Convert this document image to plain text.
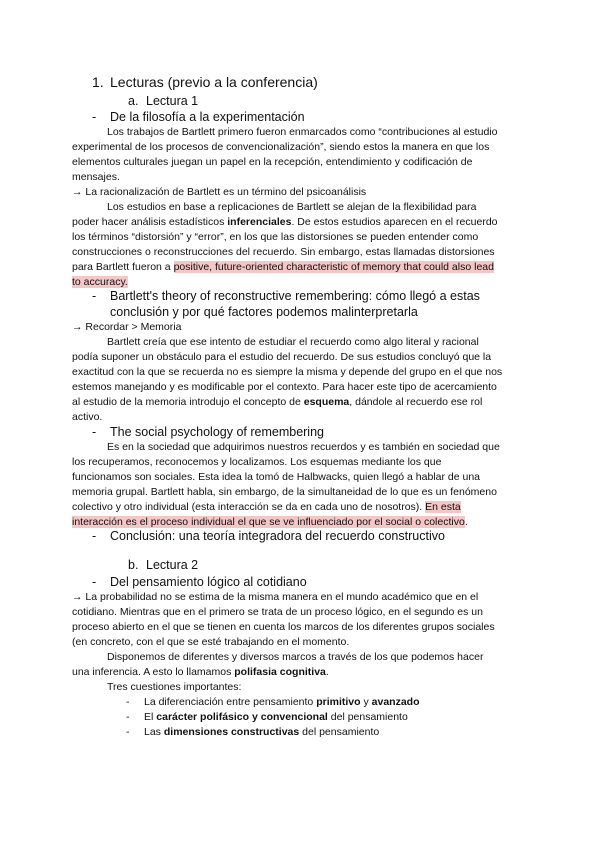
1. Lecturas (previo a la conferencia)
a. Lectura 1
- De la filosofía a la experimentación
Los trabajos de Bartlett primero fueron enmarcados como “contribuciones al estudio
experimental de los procesos de convencionalización”, siendo estos la manera en que los
elementos culturales juegan un papel en la recepción, entendimiento y codificación de
mensajes.
→ La racionalización de Bartlett es un término del psicoanálisis
Los estudios en base a replicaciones de Bartlett se alejan de la flexibilidad para
poder hacer análisis estadísticos inferenciales. De estos estudios aparecen en el recuerdo
los términos “distorsión” y “error”, en los que las distorsiones se pueden entender como
construcciones o reconstrucciones del recuerdo. Sin embargo, estas llamadas distorsiones
para Bartlett fueron a positive, future-oriented characteristic of memory that could also lead
to accuracy.
- Bartlett's theory of reconstructive remembering: cómo llegó a estas
conclusión y por qué factores podemos malinterpretarla
→ Recordar > Memoria
Bartlett creía que ese intento de estudiar el recuerdo como algo literal y racional
podía suponer un obstáculo para el estudio del recuerdo. De sus estudios concluyó que la
exactitud con la que se recuerda no es siempre la misma y depende del grupo en el que nos
estemos manejando y es modificable por el contexto. Para hacer este tipo de acercamiento
al estudio de la memoria introdujo el concepto de esquema, dándole al recuerdo ese rol
activo.
- The social psychology of remembering
Es en la sociedad que adquirimos nuestros recuerdos y es también en sociedad que
los recuperamos, reconocemos y localizamos. Los esquemas mediante los que
funcionamos son sociales. Esta idea la tomó de Halbwacks, quien llegó a hablar de una
memoria grupal. Bartlett habla, sin embargo, de la simultaneidad de lo que es un fenómeno
colectivo y otro individual (esta interacción se da en cada uno de nosotros). En esta
interacción es el proceso individual el que se ve influenciado por el social o colectivo.
- Conclusión: una teoría integradora del recuerdo constructivo
b. Lectura 2
- Del pensamiento lógico al cotidiano
→ La probabilidad no se estima de la misma manera en el mundo académico que en el
cotidiano. Mientras que en el primero se trata de un proceso lógico, en el segundo es un
proceso abierto en el que se tienen en cuenta los marcos de los diferentes grupos sociales
(en concreto, con el que se esté trabajando en el momento.
Disponemos de diferentes y diversos marcos a través de los que podemos hacer
una inferencia. A esto lo llamamos polifasia cognitiva.
Tres cuestiones importantes:
- La diferenciación entre pensamiento primitivo y avanzado
- El carácter polifásico y convencional del pensamiento
- Las dimensiones constructivas del pensamiento
